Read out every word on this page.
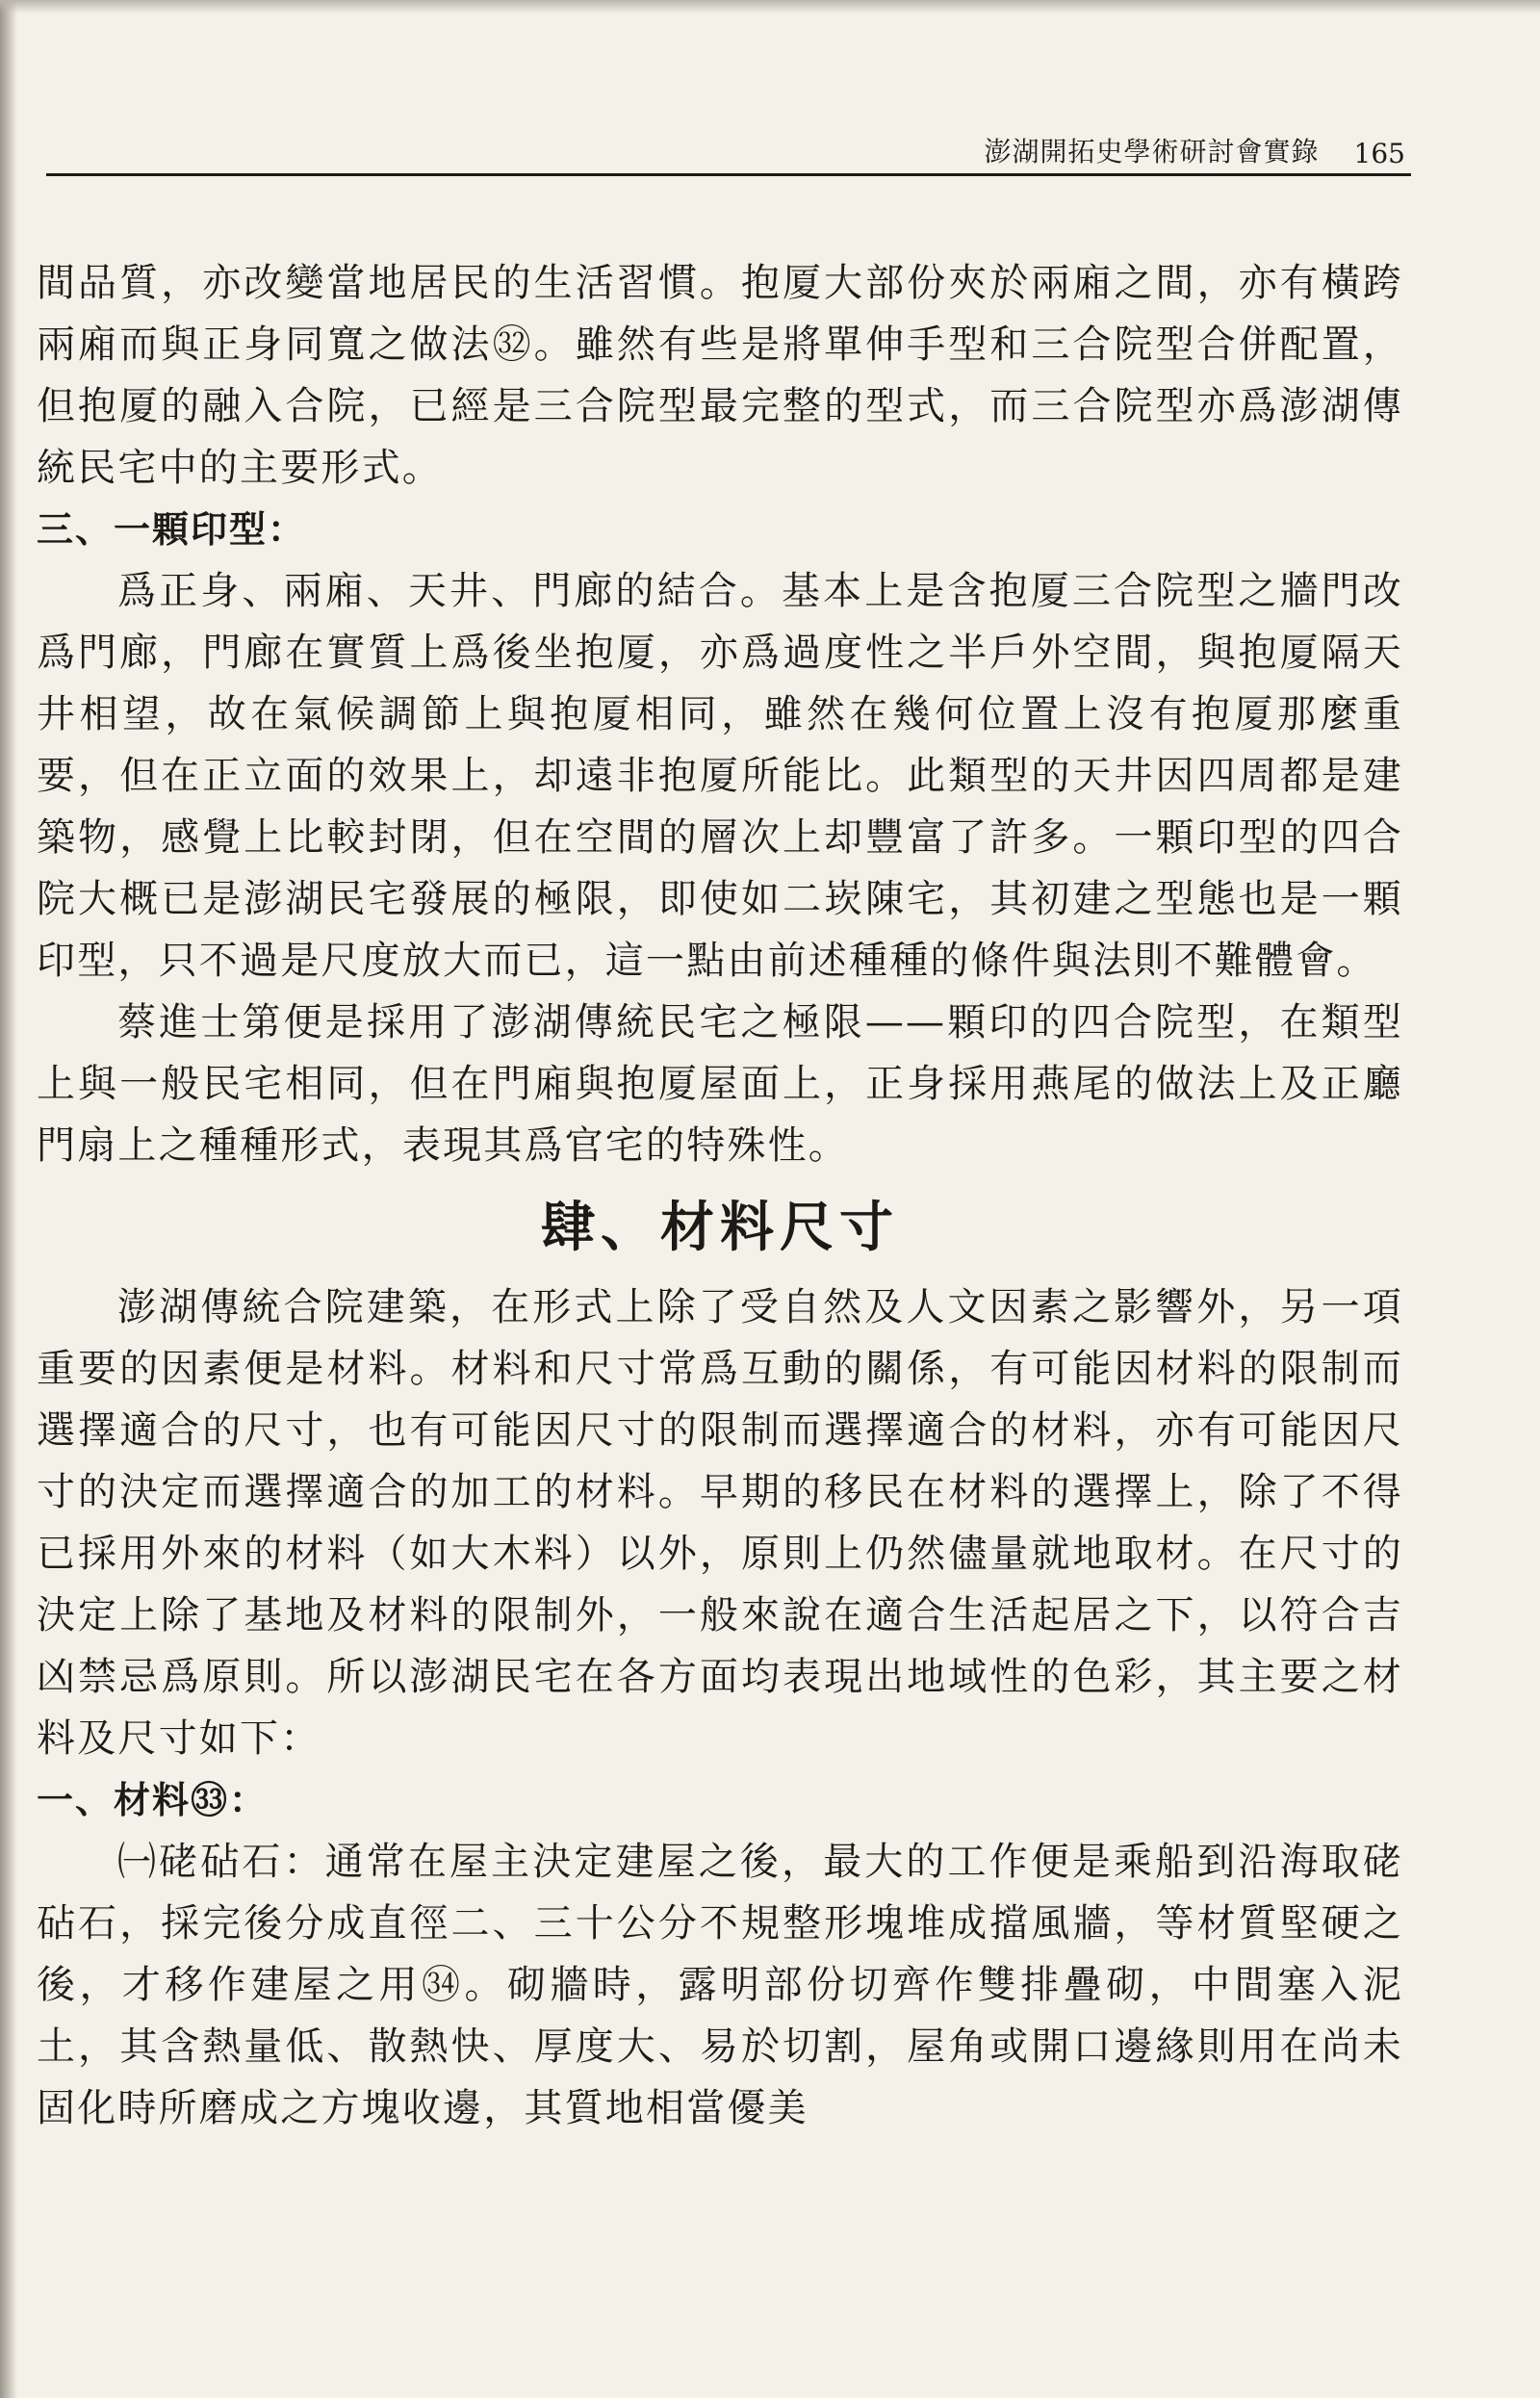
澎湖開拓史學術研討會實錄 165

間品質，亦改變當地居民的生活習慣。抱厦大部份夾於兩廂之間，亦有橫跨兩廂而與正身同寬之做法㉜。雖然有些是將單伸手型和三合院型合併配置，但抱厦的融入合院，已經是三合院型最完整的型式，而三合院型亦爲澎湖傳統民宅中的主要形式。

三、一顆印型：

爲正身、兩廂、天井、門廊的結合。基本上是含抱厦三合院型之牆門改爲門廊，門廊在實質上爲後坐抱厦，亦爲過度性之半戶外空間，與抱厦隔天井相望，故在氣候調節上與抱厦相同，雖然在幾何位置上沒有抱厦那麼重要，但在正立面的效果上，却遠非抱厦所能比。此類型的天井因四周都是建築物，感覺上比較封閉，但在空間的層次上却豐富了許多。一顆印型的四合院大概已是澎湖民宅發展的極限，即使如二崁陳宅，其初建之型態也是一顆印型，只不過是尺度放大而已，這一點由前述種種的條件與法則不難體會。

蔡進士第便是採用了澎湖傳統民宅之極限——顆印的四合院型，在類型上與一般民宅相同，但在門廂與抱厦屋面上，正身採用燕尾的做法上及正廳門扇上之種種形式，表現其爲官宅的特殊性。

肆、材料尺寸

澎湖傳統合院建築，在形式上除了受自然及人文因素之影響外，另一項重要的因素便是材料。材料和尺寸常爲互動的關係，有可能因材料的限制而選擇適合的尺寸，也有可能因尺寸的限制而選擇適合的材料，亦有可能因尺寸的決定而選擇適合的加工的材料。早期的移民在材料的選擇上，除了不得已採用外來的材料（如大木料）以外，原則上仍然儘量就地取材。在尺寸的決定上除了基地及材料的限制外，一般來說在適合生活起居之下，以符合吉凶禁忌爲原則。所以澎湖民宅在各方面均表現出地域性的色彩，其主要之材料及尺寸如下：

一、材料㉝：

㈠硓砧石：通常在屋主決定建屋之後，最大的工作便是乘船到沿海取硓砧石，採完後分成直徑二、三十公分不規整形塊堆成擋風牆，等材質堅硬之後，才移作建屋之用㉞。砌牆時，露明部份切齊作雙排疊砌，中間塞入泥土，其含熱量低、散熱快、厚度大、易於切割，屋角或開口邊緣則用在尚未固化時所磨成之方塊收邊，其質地相當優美
